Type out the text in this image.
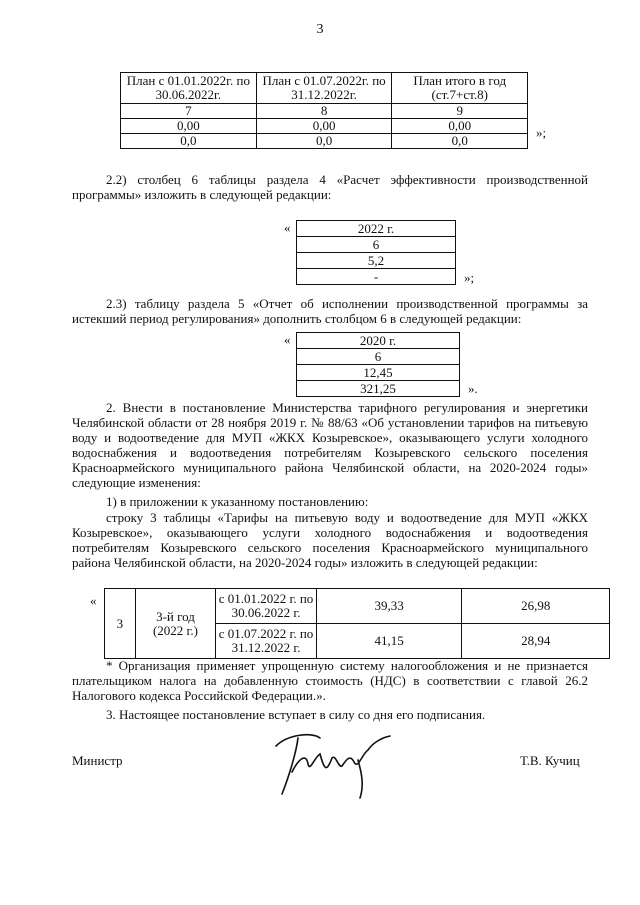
3
План с 01.01.2022г. по 30.06.2022г.	План с 01.07.2022г. по 31.12.2022г.	План итого в год (ст.7+ст.8)
7	8	9
0,00	0,00	0,00
0,0	0,0	0,0
»;
2.2) столбец 6 таблицы раздела 4 «Расчет эффективности производственной программы» изложить в следующей редакции:
«	2022 г.
6
5,2
-	»;
2.3) таблицу раздела 5 «Отчет об исполнении производственной программы за истекший период регулирования» дополнить столбцом 6 в следующей редакции:
«	2020 г.
6
12,45
321,25	».
2. Внести в постановление Министерства тарифного регулирования и энергетики Челябинской области от 28 ноября 2019 г. № 88/63 «Об установлении тарифов на питьевую воду и водоотведение для МУП «ЖКХ Козыревское», оказывающего услуги холодного водоснабжения и водоотведения потребителям Козыревского сельского поселения Красноармейского муниципального района Челябинской области, на 2020-2024 годы» следующие изменения:
1) в приложении к указанному постановлению:
строку 3 таблицы «Тарифы на питьевую воду и водоотведение для МУП «ЖКХ Козыревское», оказывающего услуги холодного водоснабжения и водоотведения потребителям Козыревского сельского поселения Красноармейского муниципального района Челябинской области, на 2020-2024 годы» изложить в следующей редакции:
«
3	3-й год (2022 г.)	с 01.01.2022 г. по 30.06.2022 г.	39,33	26,98
		с 01.07.2022 г. по 31.12.2022 г.	41,15	28,94
* Организация применяет упрощенную систему налогообложения и не признается плательщиком налога на добавленную стоимость (НДС) в соответствии с главой 26.2 Налогового кодекса Российской Федерации.».
3. Настоящее постановление вступает в силу со дня его подписания.
Министр	Т.В. Кучиц
